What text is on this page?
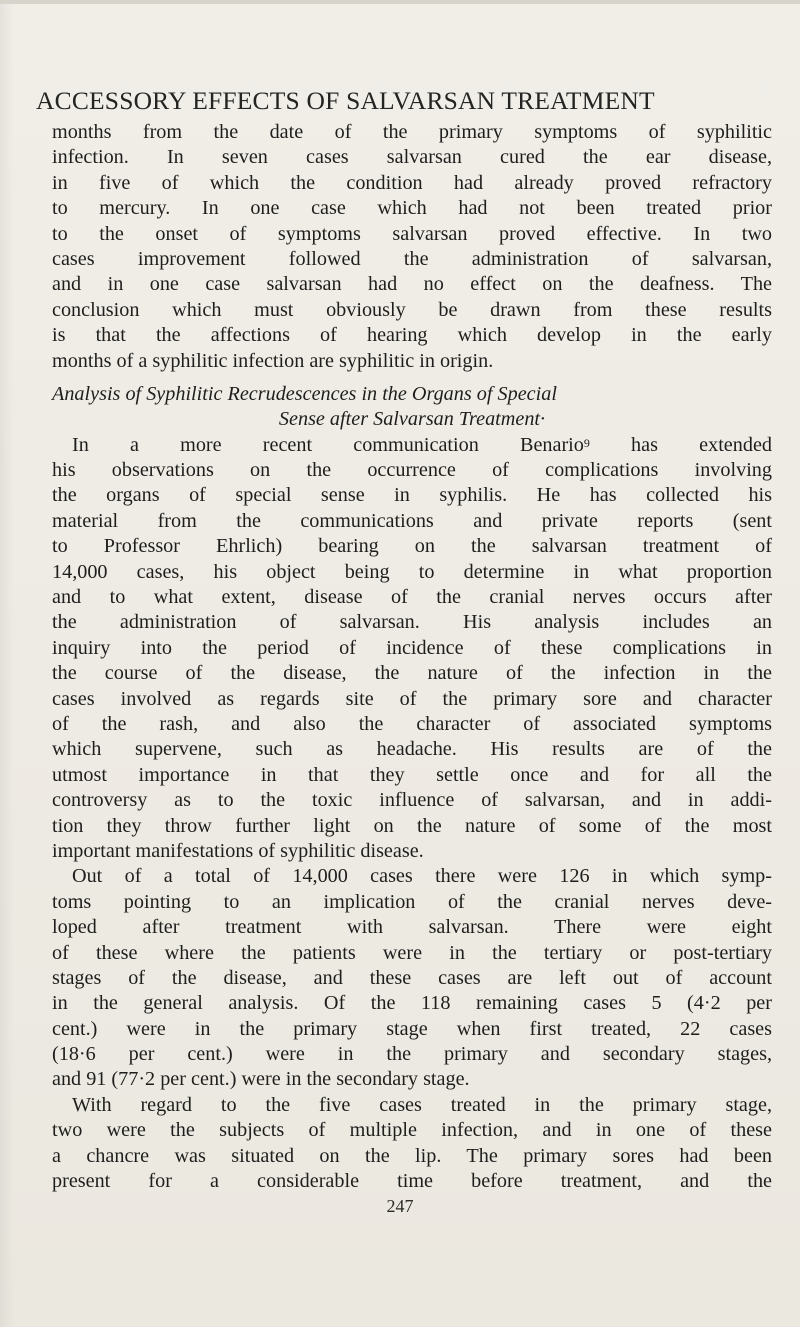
ACCESSORY EFFECTS OF SALVARSAN TREATMENT
months from the date of the primary symptoms of syphilitic
infection. In seven cases salvarsan cured the ear disease,
in five of which the condition had already proved refractory
to mercury. In one case which had not been treated prior
to the onset of symptoms salvarsan proved effective. In two
cases improvement followed the administration of salvarsan,
and in one case salvarsan had no effect on the deafness. The
conclusion which must obviously be drawn from these results
is that the affections of hearing which develop in the early
months of a syphilitic infection are syphilitic in origin.
Analysis of Syphilitic Recrudescences in the Organs of Special
Sense after Salvarsan Treatment·
In a more recent communication Benario$^9$ has extended
his observations on the occurrence of complications involving
the organs of special sense in syphilis. He has collected his
material from the communications and private reports (sent
to Professor Ehrlich) bearing on the salvarsan treatment of
14,000 cases, his object being to determine in what proportion
and to what extent, disease of the cranial nerves occurs after
the administration of salvarsan. His analysis includes an
inquiry into the period of incidence of these complications in
the course of the disease, the nature of the infection in the
cases involved as regards site of the primary sore and character
of the rash, and also the character of associated symptoms
which supervene, such as headache. His results are of the
utmost importance in that they settle once and for all the
controversy as to the toxic influence of salvarsan, and in addi-
tion they throw further light on the nature of some of the most
important manifestations of syphilitic disease.
Out of a total of 14,000 cases there were 126 in which symp-
toms pointing to an implication of the cranial nerves deve-
loped after treatment with salvarsan. There were eight
of these where the patients were in the tertiary or post-tertiary
stages of the disease, and these cases are left out of account
in the general analysis. Of the 118 remaining cases 5 (4·2 per
cent.) were in the primary stage when first treated, 22 cases
(18·6 per cent.) were in the primary and secondary stages,
and 91 (77·2 per cent.) were in the secondary stage.
With regard to the five cases treated in the primary stage,
two were the subjects of multiple infection, and in one of these
a chancre was situated on the lip. The primary sores had been
present for a considerable time before treatment, and the
247
